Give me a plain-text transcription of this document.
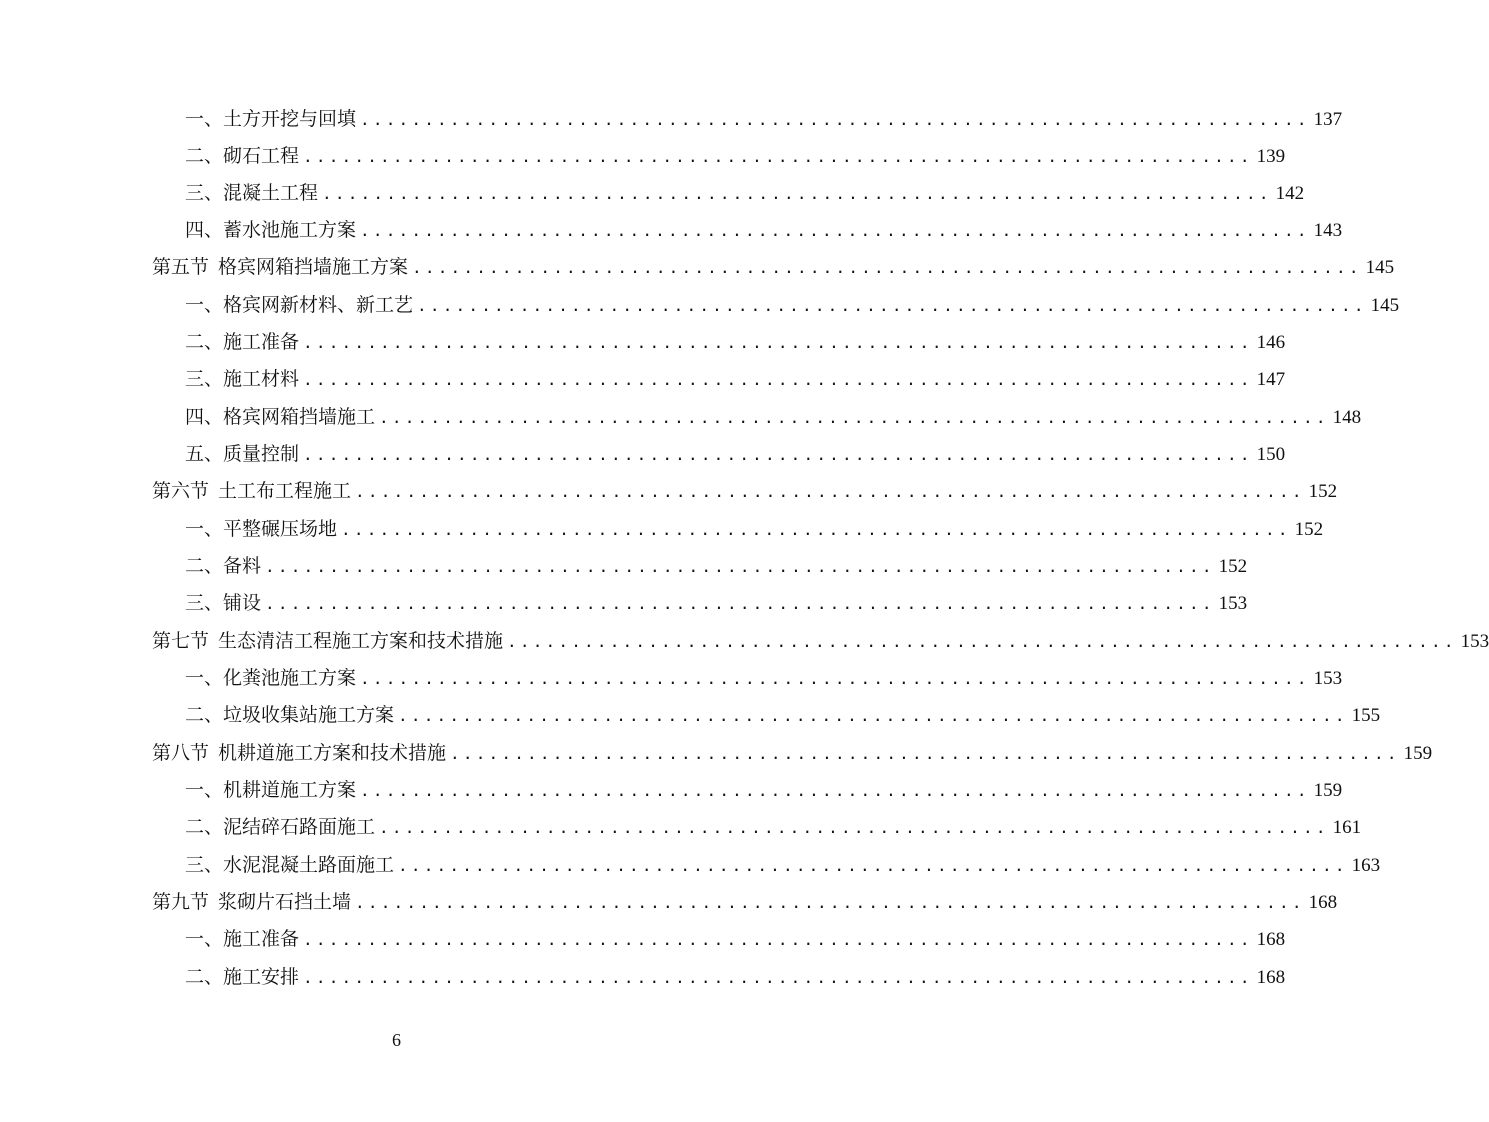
一、土方开挖与回填 .......................................................................... 137
二、砌石工程 .......................................................................... 139
三、混凝土工程 .......................................................................... 142
四、蓄水池施工方案 .......................................................................... 143
第五节 格宾网箱挡墙施工方案 .......................................................................... 145
一、格宾网新材料、新工艺 .......................................................................... 145
二、施工准备 .......................................................................... 146
三、施工材料 .......................................................................... 147
四、格宾网箱挡墙施工 .......................................................................... 148
五、质量控制 .......................................................................... 150
第六节 土工布工程施工 .......................................................................... 152
一、平整碾压场地 .......................................................................... 152
二、备料 .......................................................................... 152
三、铺设 .......................................................................... 153
第七节 生态清洁工程施工方案和技术措施 .......................................................................... 153
一、化粪池施工方案 .......................................................................... 153
二、垃圾收集站施工方案 .......................................................................... 155
第八节 机耕道施工方案和技术措施 .......................................................................... 159
一、机耕道施工方案 .......................................................................... 159
二、泥结碎石路面施工 .......................................................................... 161
三、水泥混凝土路面施工 .......................................................................... 163
第九节 浆砌片石挡土墙 .......................................................................... 168
一、施工准备 .......................................................................... 168
二、施工安排 .......................................................................... 168
6
